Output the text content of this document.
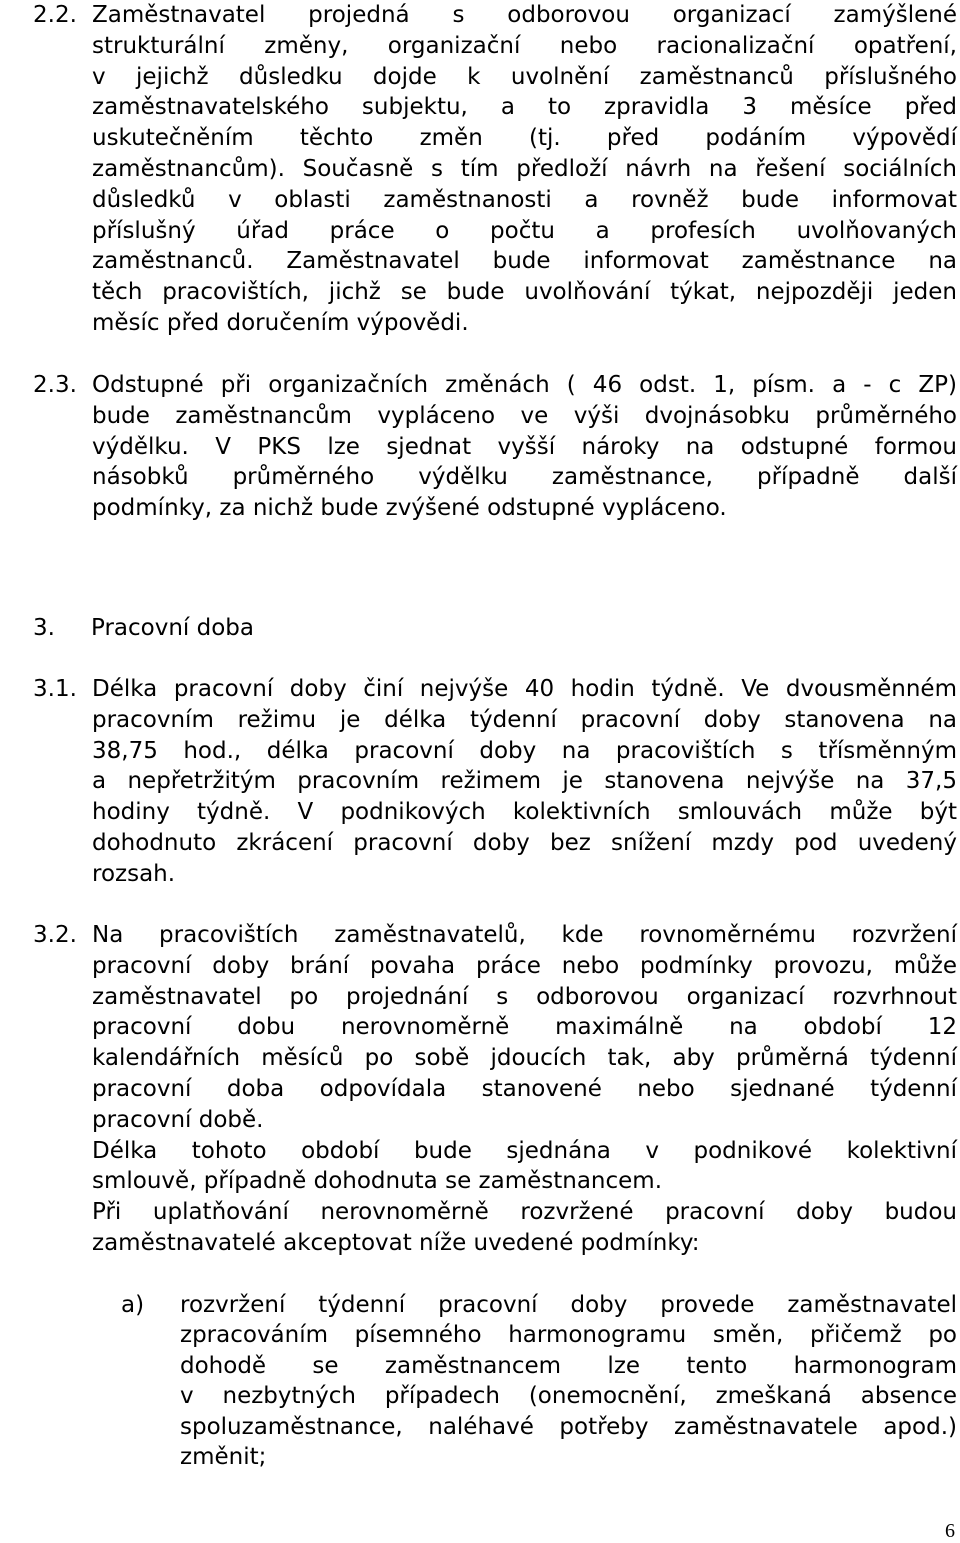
2.2. Zaměstnavatel projedná s odborovou organizací zamýšlené
strukturální změny, organizační nebo racionalizační opatření,
v jejichž důsledku dojde k uvolnění zaměstnanců příslušného
zaměstnavatelského subjektu, a to zpravidla 3 měsíce před
uskutečněním těchto změn (tj. před podáním výpovědí
zaměstnancům). Současně s tím předloží návrh na řešení sociálních
důsledků v oblasti zaměstnanosti a rovněž bude informovat
příslušný úřad práce o počtu a profesích uvolňovaných
zaměstnanců. Zaměstnavatel bude informovat zaměstnance na
těch pracovištích, jichž se bude uvolňování týkat, nejpozději jeden
měsíc před doručením výpovědi.
2.3. Odstupné při organizačních změnách ( 46 odst. 1, písm. a - c ZP)
bude zaměstnancům vypláceno ve výši dvojnásobku průměrného
výdělku. V PKS lze sjednat vyšší nároky na odstupné formou
násobků průměrného výdělku zaměstnance, případně další
podmínky, za nichž bude zvýšené odstupné vypláceno.
3. Pracovní doba
3.1. Délka pracovní doby činí nejvýše 40 hodin týdně. Ve dvousměnném
pracovním režimu je délka týdenní pracovní doby stanovena na
38,75 hod., délka pracovní doby na pracovištích s třísměnným
a nepřetržitým pracovním režimem je stanovena nejvýše na 37,5
hodiny týdně. V podnikových kolektivních smlouvách může být
dohodnuto zkrácení pracovní doby bez snížení mzdy pod uvedený
rozsah.
3.2. Na pracovištích zaměstnavatelů, kde rovnoměrnému rozvržení
pracovní doby brání povaha práce nebo podmínky provozu, může
zaměstnavatel po projednání s odborovou organizací rozvrhnout
pracovní dobu nerovnoměrně maximálně na období 12
kalendářních měsíců po sobě jdoucích tak, aby průměrná týdenní
pracovní doba odpovídala stanovené nebo sjednané týdenní
pracovní době.
Délka tohoto období bude sjednána v podnikové kolektivní
smlouvě, případně dohodnuta se zaměstnancem.
Při uplatňování nerovnoměrně rozvržené pracovní doby budou
zaměstnavatelé akceptovat níže uvedené podmínky:
a) rozvržení týdenní pracovní doby provede zaměstnavatel
zpracováním písemného harmonogramu směn, přičemž po
dohodě se zaměstnancem lze tento harmonogram
v nezbytných případech (onemocnění, zmeškaná absence
spoluzaměstnance, naléhavé potřeby zaměstnavatele apod.)
změnit;
6
